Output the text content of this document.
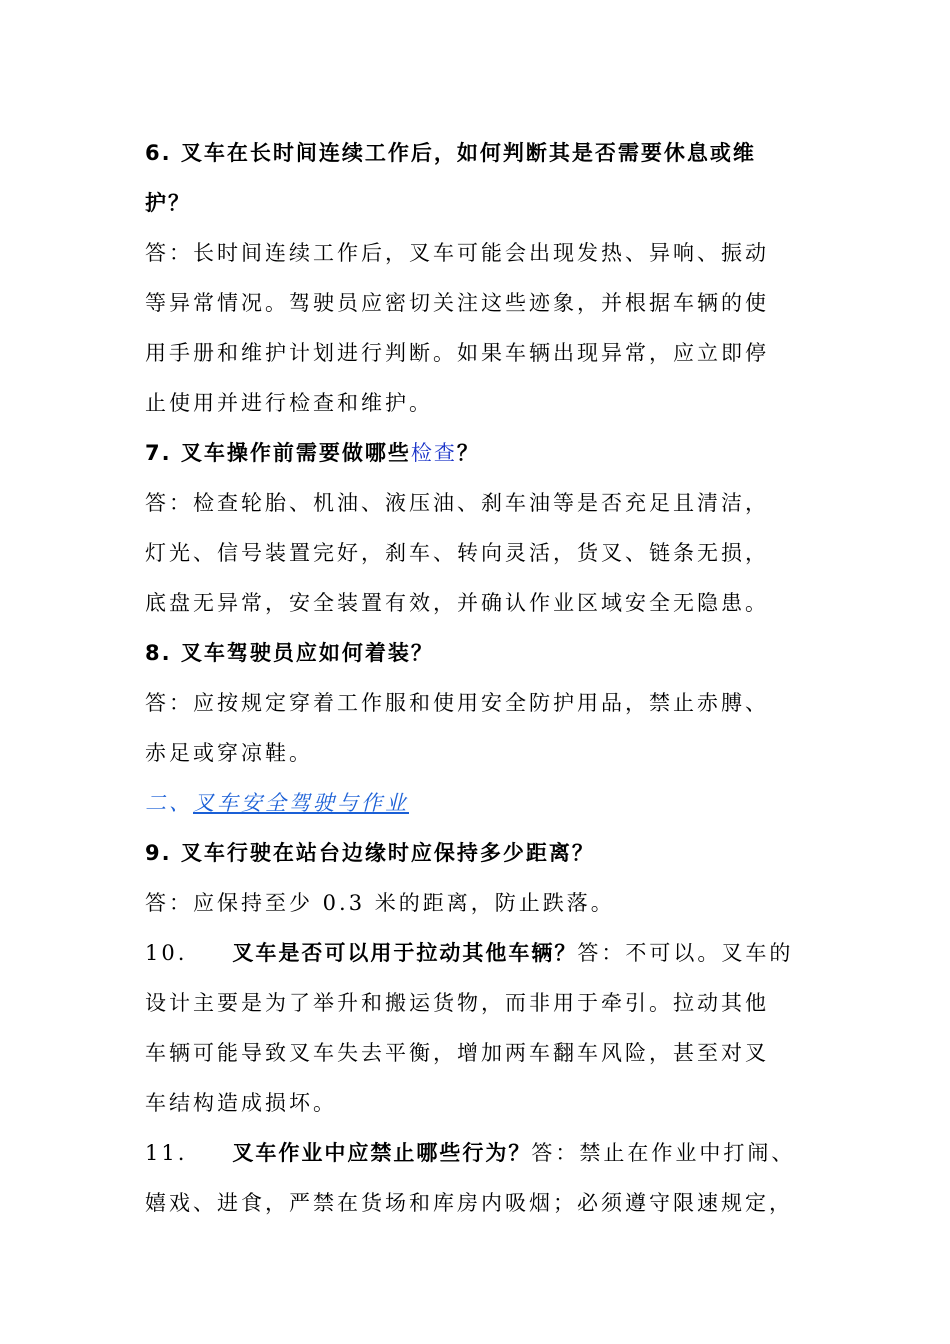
6. 叉车在长时间连续工作后，如何判断其是否需要休息或维
护？
答：长时间连续工作后，叉车可能会出现发热、异响、振动
等异常情况。驾驶员应密切关注这些迹象，并根据车辆的使
用手册和维护计划进行判断。如果车辆出现异常，应立即停
止使用并进行检查和维护。
7. 叉车操作前需要做哪些检查？
答：检查轮胎、机油、液压油、刹车油等是否充足且清洁，
灯光、信号装置完好，刹车、转向灵活，货叉、链条无损，
底盘无异常，安全装置有效，并确认作业区域安全无隐患。
8. 叉车驾驶员应如何着装？
答：应按规定穿着工作服和使用安全防护用品，禁止赤膊、
赤足或穿凉鞋。
二、叉车安全驾驶与作业
9. 叉车行驶在站台边缘时应保持多少距离？
答：应保持至少 0.3 米的距离，防止跌落。
10. 叉车是否可以用于拉动其他车辆？答：不可以。叉车的
设计主要是为了举升和搬运货物，而非用于牵引。拉动其他
车辆可能导致叉车失去平衡，增加两车翻车风险，甚至对叉
车结构造成损坏。
11. 叉车作业中应禁止哪些行为？答：禁止在作业中打闹、
嬉戏、进食，严禁在货场和库房内吸烟；必须遵守限速规定，
